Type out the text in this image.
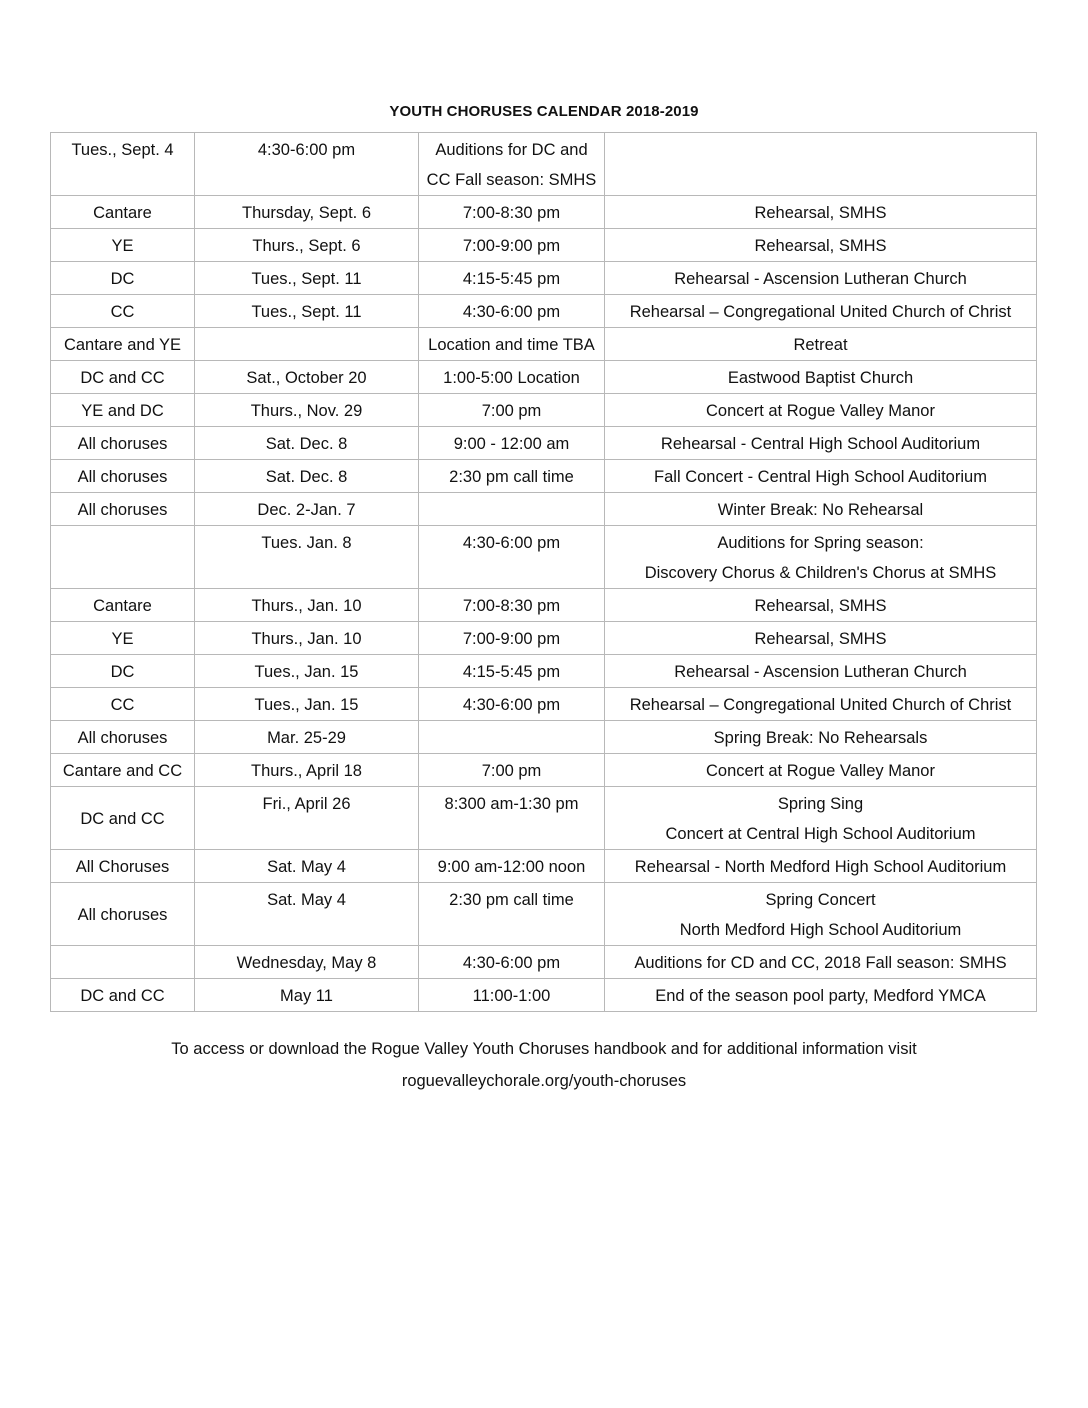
YOUTH CHORUSES CALENDAR 2018-2019
Tues., Sept. 4	4:30-6:00 pm	Auditions for DC and
CC Fall season: SMHS	

Cantare	Thursday, Sept. 6	7:00-8:30 pm	Rehearsal, SMHS

YE	Thurs., Sept. 6	7:00-9:00 pm	Rehearsal, SMHS

DC	Tues., Sept. 11	4:15-5:45 pm	Rehearsal - Ascension Lutheran Church

CC	Tues., Sept. 11	4:30-6:00 pm	Rehearsal – Congregational United Church of Christ

Cantare and YE		Location and time TBA	Retreat

DC and CC	Sat., October 20	1:00-5:00 Location	Eastwood Baptist Church

YE and DC	Thurs., Nov. 29	7:00 pm	Concert at Rogue Valley Manor

All choruses	Sat. Dec. 8	9:00 - 12:00 am	Rehearsal - Central High School Auditorium

All choruses	Sat. Dec. 8	2:30 pm call time	Fall Concert - Central High School Auditorium

All choruses	Dec. 2-Jan. 7		Winter Break: No Rehearsal

	Tues. Jan. 8	4:30-6:00 pm	Auditions for Spring season:
Discovery Chorus & Children's Chorus at SMHS

Cantare	Thurs., Jan. 10	7:00-8:30 pm	Rehearsal, SMHS

YE	Thurs., Jan. 10	7:00-9:00 pm	Rehearsal, SMHS

DC	Tues., Jan. 15	4:15-5:45 pm	Rehearsal - Ascension Lutheran Church

CC	Tues., Jan. 15	4:30-6:00 pm	Rehearsal – Congregational United Church of Christ

All choruses	Mar. 25-29		Spring Break: No Rehearsals

Cantare and CC	Thurs., April 18	7:00 pm	Concert at Rogue Valley Manor

DC and CC	Fri., April 26	8:300 am-1:30 pm	Spring Sing
Concert at Central High School Auditorium

All Choruses	Sat. May 4	9:00 am-12:00 noon	Rehearsal - North Medford High School Auditorium

All choruses	Sat. May 4	2:30 pm call time	Spring Concert
North Medford High School Auditorium

	Wednesday, May 8	4:30-6:00 pm	Auditions for CD and CC, 2018 Fall season: SMHS

DC and CC	May 11	11:00-1:00	End of the season pool party, Medford YMCA
To access or download the Rogue Valley Youth Choruses handbook and for additional information visit
roguevalleychorale.org/youth-choruses
